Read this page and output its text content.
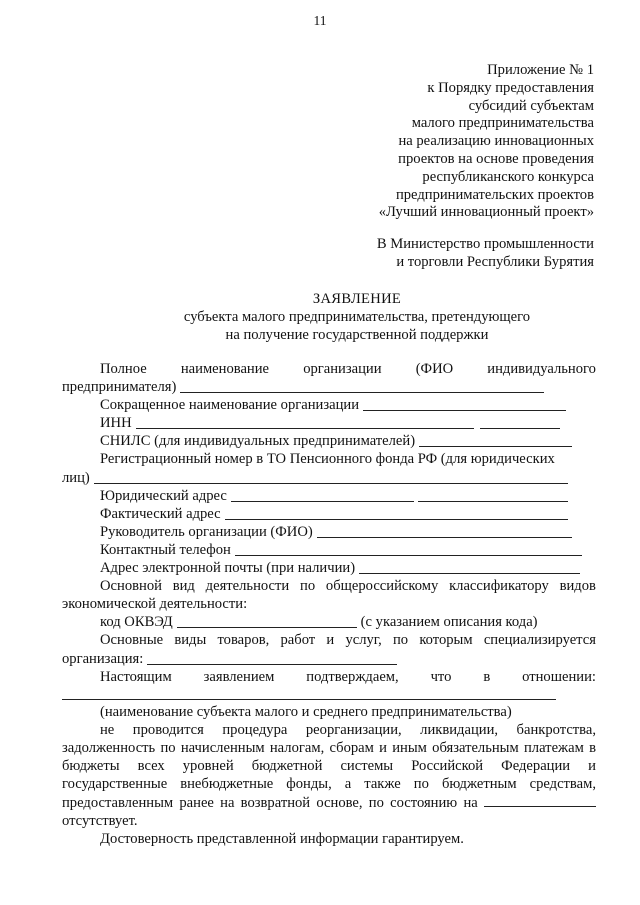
11
Приложение № 1
к Порядку предоставления
субсидий субъектам
малого предпринимательства
на реализацию инновационных
проектов на основе проведения
республиканского конкурса
предпринимательских проектов
«Лучший инновационный проект»
В Министерство промышленности
и торговли Республики Бурятия
ЗАЯВЛЕНИЕ
субъекта малого предпринимательства, претендующего
на получение государственной поддержки
Полное наименование организации (ФИО индивидуального
предпринимателя)
Сокращенное наименование организации
ИНН
СНИЛС (для индивидуальных предпринимателей)
Регистрационный номер в ТО Пенсионного фонда РФ (для юридических
лиц)
Юридический адрес
Фактический адрес
Руководитель организации (ФИО)
Контактный телефон
Адрес электронной почты (при наличии)
Основной вид деятельности по общероссийскому классификатору видов
экономической деятельности:
код ОКВЭД	(с указанием описания кода)
Основные виды товаров, работ и услуг, по которым специализируется
организация:
Настоящим заявлением подтверждаем, что в отношении:
(наименование субъекта малого и среднего предпринимательства)
не проводится процедура реорганизации, ликвидации, банкротства, задолженность по начисленным налогам, сборам и иным обязательным платежам в бюджеты всех уровней бюджетной системы Российской Федерации и государственные внебюджетные фонды, а также по бюджетным средствам, предоставленным ранее на возвратной основе, по состоянию на  отсутствует.
Достоверность представленной информации гарантируем.
